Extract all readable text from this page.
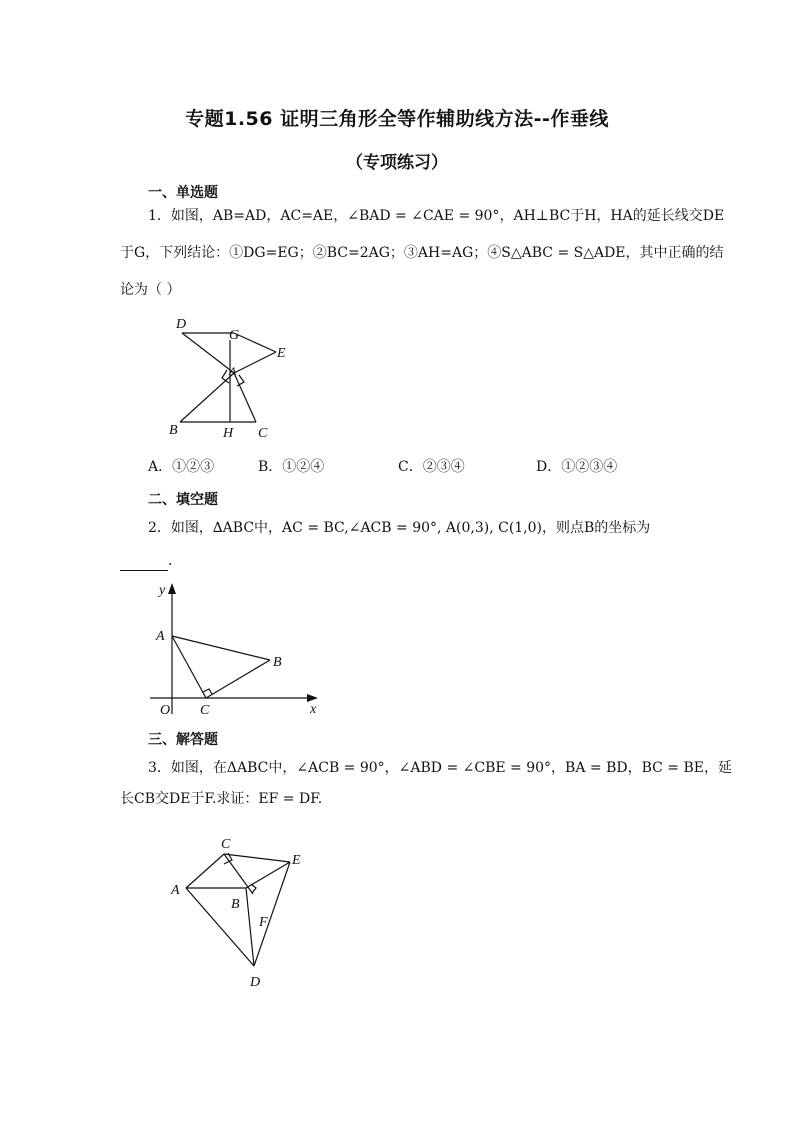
专题1.56 证明三角形全等作辅助线方法--作垂线
（专项练习）
一、单选题
1．如图，AB=AD，AC=AE，∠BAD = ∠CAE = 90°，AH⊥BC于H，HA的延长线交DE
于G，下列结论：①DG=EG；②BC=2AG；③AH=AG；④S△ABC = S△ADE，其中正确的结
论为（ ）
D
G
E
A
B	H C
A．①②③	B．①②④	C．②③④	D．①②③④
二、填空题
2．如图，∆ABC中，AC = BC,∠ACB = 90°, A(0,3), C(1,0)，则点B的坐标为
.
y
A
B
O C	x
三、解答题
3．如图，在ΔABC中，∠ACB = 90°，∠ABD = ∠CBE = 90°，BA = BD，BC = BE，延
长CB交DE于F.求证：EF = DF.
C
E
A
B
F
D
